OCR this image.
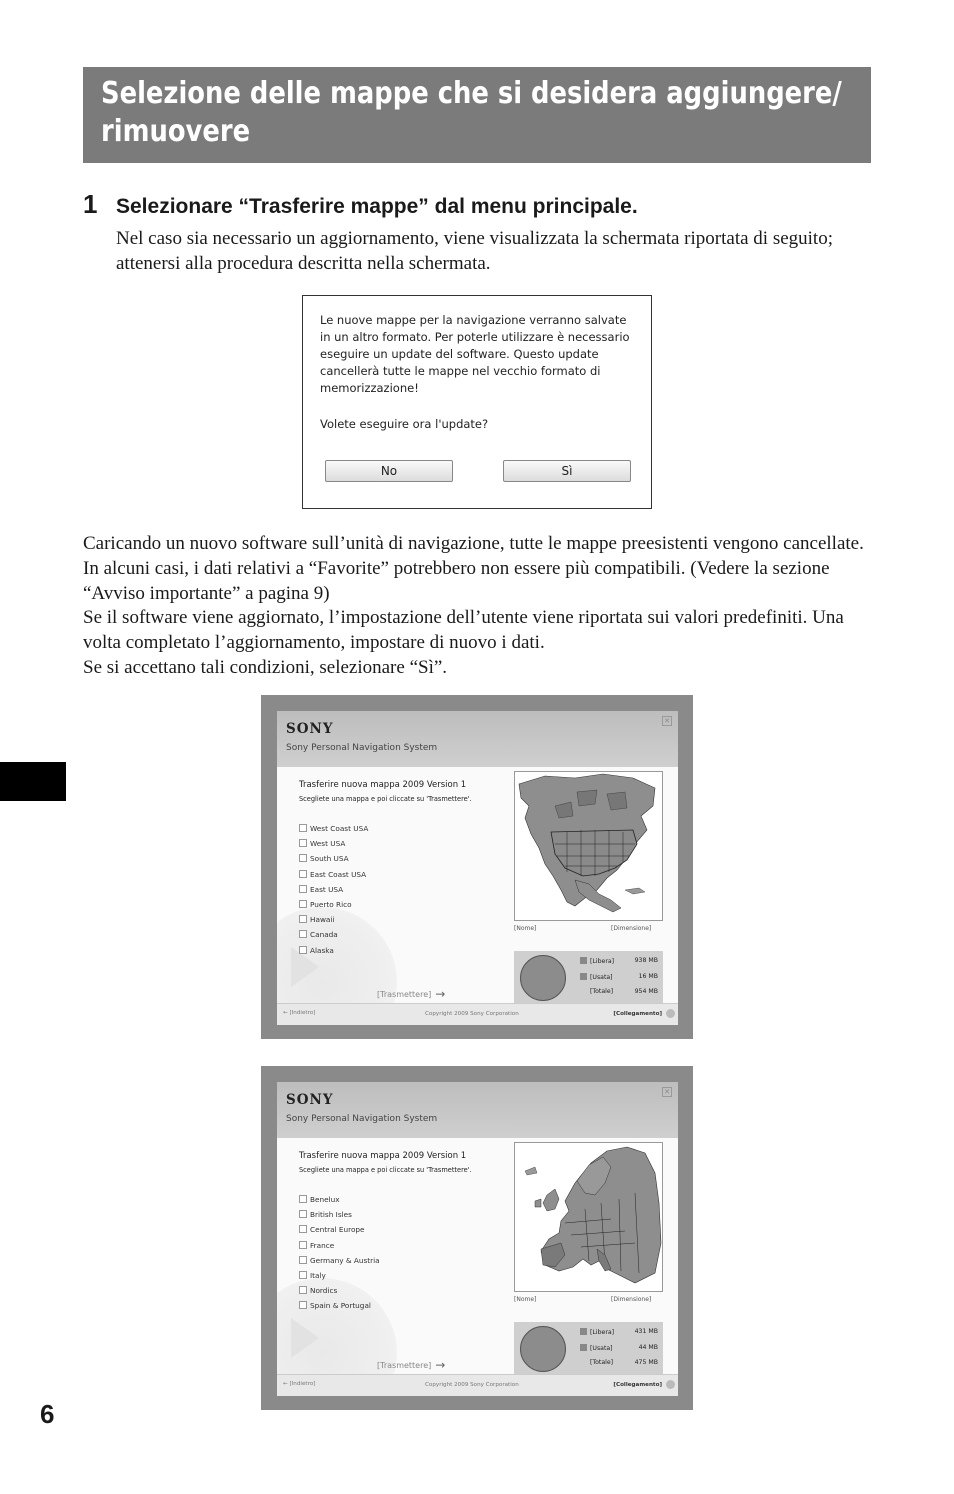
Selezione delle mappe che si desidera aggiungere/
rimuovere
1 Selezionare “Trasferire mappe” dal menu principale.
Nel caso sia necessario un aggiornamento, viene visualizzata la schermata riportata di seguito; attenersi alla procedura descritta nella schermata.
Le nuove mappe per la navigazione verranno salvate in un altro formato. Per poterle utilizzare è necessario eseguire un update del software. Questo update cancellerà tutte le mappe nel vecchio formato di memorizzazione!
Volete eseguire ora l'update?
No	Sì

Caricando un nuovo software sull’unità di navigazione, tutte le mappe preesistenti vengono cancellate. In alcuni casi, i dati relativi a “Favorite” potrebbero non essere più compatibili. (Vedere la sezione “Avviso importante” a pagina 9)

Se il software viene aggiornato, l’impostazione dell’utente viene riportata sui valori predefiniti. Una volta completato l’aggiornamento, impostare di nuovo i dati.

Se si accettano tali condizioni, selezionare “Sì”.

SONY
Sony Personal Navigation System
✕
Trasferire nuova mappa 2009 Version 1
Scegliete una mappa e poi cliccate su 'Trasmettere'.
West Coast USA
West USA
South USA
East Coast USA
East USA
Puerto Rico
Hawaii
Canada
Alaska
[Nome]	[Dimensione]
[Libera]	938 MB
[Usata]	16 MB
[Totale]	954 MB
[Trasmettere] →
← [Indietro]	Copyright 2009 Sony Corporation	[Collegamento]
SONY
Sony Personal Navigation System
✕
Trasferire nuova mappa 2009 Version 1
Scegliete una mappa e poi cliccate su 'Trasmettere'.
Benelux
British Isles
Central Europe
France
Germany & Austria
Italy
Nordics
Spain & Portugal
[Nome]	[Dimensione]
[Libera]	431 MB
[Usata]	44 MB
[Totale]	475 MB
[Trasmettere] →
← [Indietro]	Copyright 2009 Sony Corporation	[Collegamento]
6
